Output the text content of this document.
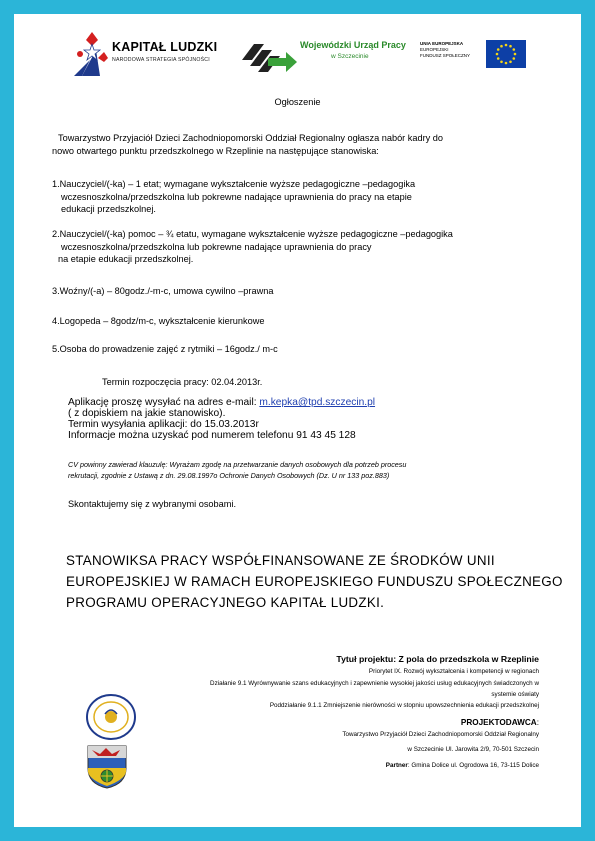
KAPITAŁ LUDZKI
NARODOWA STRATEGIA SPÓJNOŚCI
Wojewódzki Urząd Pracy
w Szczecinie
UNIA EUROPEJSKA
EUROPEJSKI
FUNDUSZ SPOŁECZNY
Ogłoszenie
Towarzystwo Przyjaciół Dzieci Zachodniopomorski Oddział Regionalny ogłasza nabór kadry do
nowo otwartego punktu przedszkolnego w Rzeplinie na następujące stanowiska:
1.Nauczyciel/(-ka) – 1 etat; wymagane wykształcenie wyższe pedagogiczne –pedagogika
wczesnoszkolna/przedszkolna lub pokrewne nadające uprawnienia do pracy na etapie
edukacji przedszkolnej.
2.Nauczyciel/(-ka) pomoc – ¾ etatu, wymagane wykształcenie wyższe pedagogiczne –pedagogika
wczesnoszkolna/przedszkolna lub pokrewne nadające uprawnienia do pracy
na etapie edukacji przedszkolnej.
3.Woźny/(-a) – 80godz./-m-c, umowa cywilno –prawna
4.Logopeda – 8godz/m-c, wykształcenie kierunkowe
5.Osoba do prowadzenie zajęć z rytmiki – 16godz./ m-c
Termin rozpoczęcia pracy: 02.04.2013r.
Aplikację proszę wysyłać na adres e-mail: m.kepka@tpd.szczecin.pl
( z dopiskiem na jakie stanowisko).
Termin wysyłania aplikacji: do 15.03.2013r
Informacje można uzyskać pod numerem telefonu 91 43 45 128
CV powinny zawierad klauzulę: Wyrażam zgodę na przetwarzanie danych osobowych dla potrzeb procesu
rekrutacji, zgodnie z Ustawą z dn. 29.08.1997o Ochronie Danych Osobowych (Dz. U nr 133 poz.883)
Skontaktujemy się z wybranymi osobami.
STANOWIKSA PRACY WSPÓŁFINANSOWANE ZE ŚRODKÓW UNII
EUROPEJSKIEJ W RAMACH EUROPEJSKIEGO FUNDUSZU SPOŁECZNEGO
PROGRAMU OPERACYJNEGO KAPITAŁ LUDZKI.
Tytuł projektu: Z pola do przedszkola w Rzeplinie
Priorytet IX. Rozwój wykształcenia i kompetencji w regionach
Działanie 9.1 Wyrównywanie szans edukacyjnych i zapewnienie wysokiej jakości usług edukacyjnych świadczonych w
systemie oświaty
Poddziałanie 9.1.1 Zmniejszenie nierówności w stopniu upowszechnienia edukacji przedszkolnej
PROJEKTODAWCA:
Towarzystwo Przyjaciół Dzieci Zachodniopomorski Oddział Regionalny
w Szczecinie Ul. Jarowita 2/9, 70-501 Szczecin
Partner: Gmina Dolice ul. Ogrodowa 16, 73-115 Dolice
